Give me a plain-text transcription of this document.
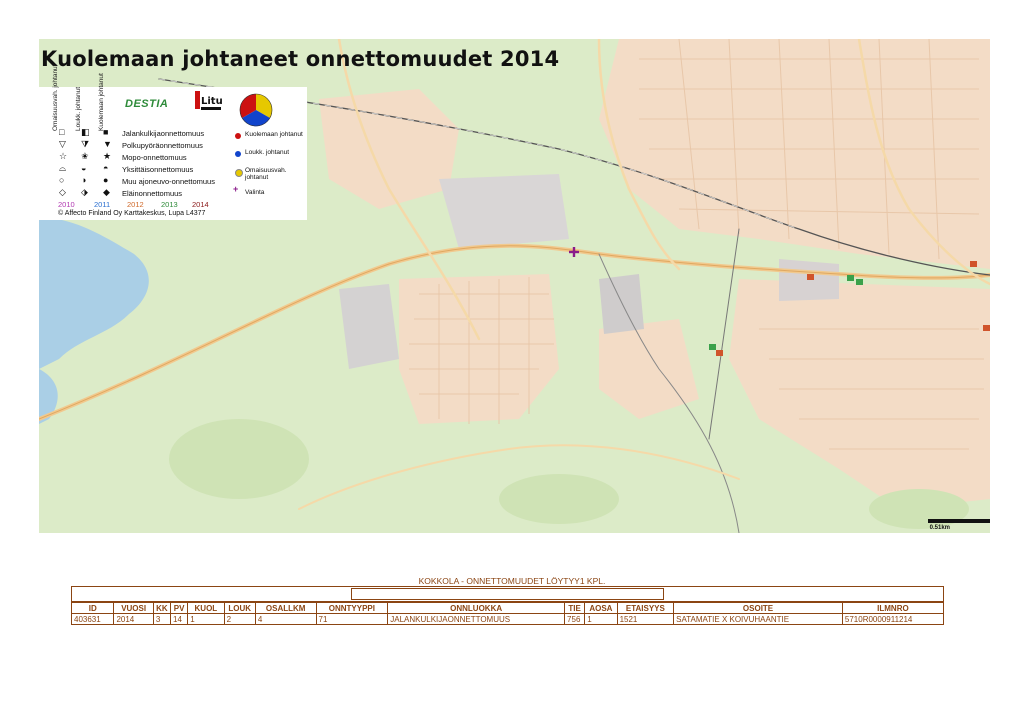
Kuolemaan johtaneet onnettomuudet 2014
Omaisuusvah. johtanut Loukk. johtanut Kuolemaan johtanut DESTIA	Litu
□ ◧ ■ Jalankulkijaonnettomuus
▽ ⧩ ▼ Polkupyöräonnettomuus
☆ ✬ ★ Mopo-onnettomuus
⌓ ◒ ◓ Yksittäisonnettomuus
○ ◑ ● Muu ajoneuvo-onnettomuus
◇ ⬗ ◆ Eläinonnettomuus
Kuolemaan johtanut
Loukk. johtanut
Omaisuusvah. johtanut
+ Valinta
2010	2011 2012 2013 2014
© Affecto Finland Oy Karttakeskus, Lupa L4377
0.51km
KOKKOLA - ONNETTOMUUDET LÖYTYY1 KPL.
ID	VUOSI	KK	PV	KUOL	LOUK	OSALLKM	ONNTYYPPI	ONNLUOKKA	TIE	AOSA	ETAISYYS	OSOITE	ILMNRO
403631	2014	3	14	1	2	4	71	JALANKULKIJAONNETTOMUUS	756	1	1521	SATAMATIE X KOIVUHAANTIE	5710R0000911214
